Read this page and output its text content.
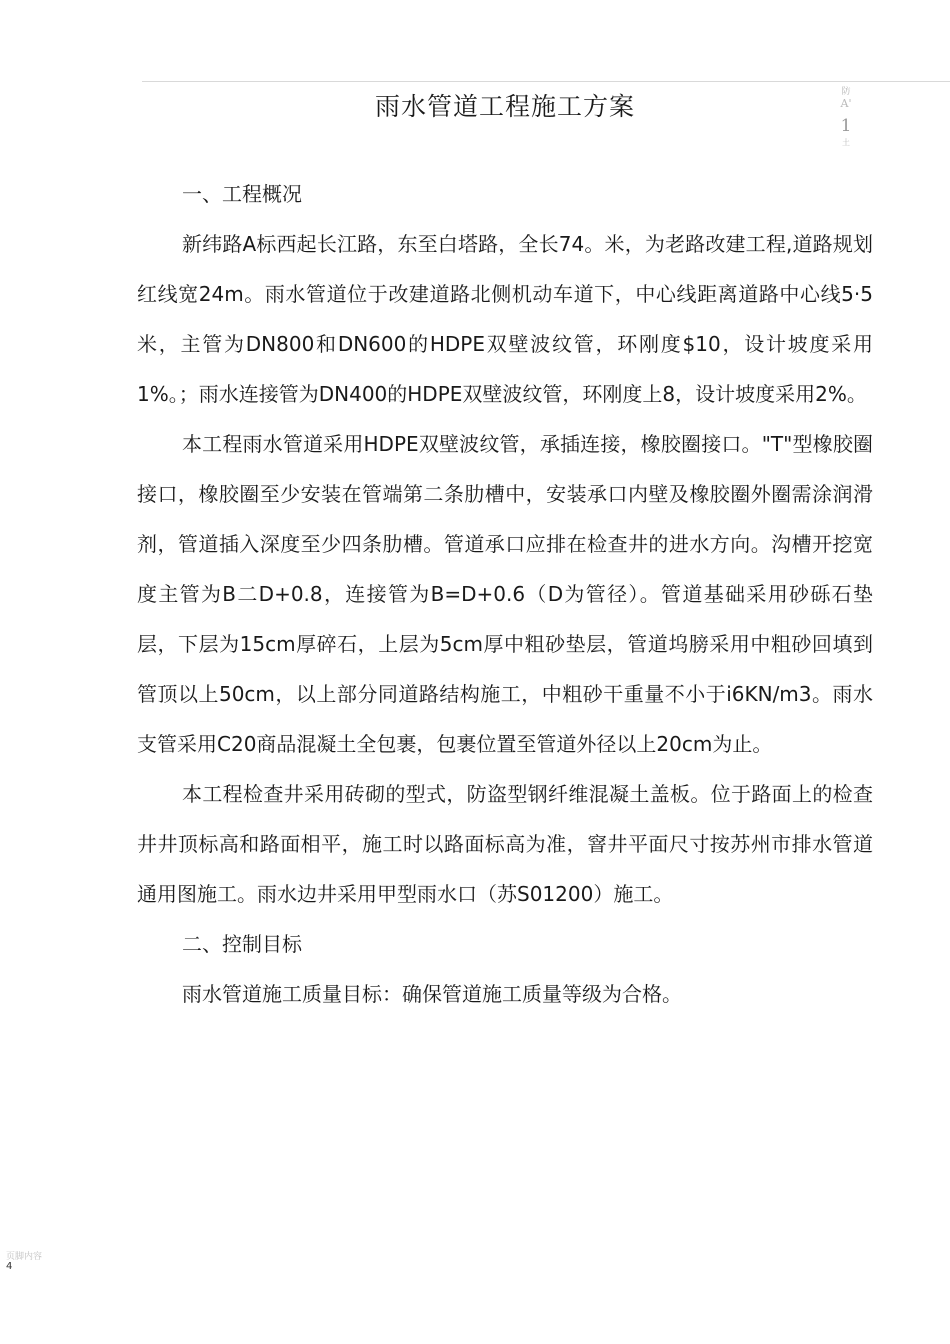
雨水管道工程施工方案	防
A'
1
土

一、工程概况

新纬路A标西起长江路，东至白塔路，全长74。米，为老路改建工程,道路规划红线宽24m。雨水管道位于改建道路北侧机动车道下，中心线距离道路中心线5·5米，主管为DN800和DN600的HDPE双壁波纹管，环刚度$10，设计坡度采用1%。；雨水连接管为DN400的HDPE双壁波纹管，环刚度上8，设计坡度采用2%。

本工程雨水管道采用HDPE双壁波纹管，承插连接，橡胶圈接口。"T"型橡胶圈接口，橡胶圈至少安装在管端第二条肋槽中，安装承口内壁及橡胶圈外圈需涂润滑剂，管道插入深度至少四条肋槽。管道承口应排在检查井的进水方向。沟槽开挖宽度主管为B二D+0.8，连接管为B=D+0.6（D为管径）。管道基础采用砂砾石垫层，下层为15cm厚碎石，上层为5cm厚中粗砂垫层，管道坞膀采用中粗砂回填到管顶以上50cm，以上部分同道路结构施工，中粗砂干重量不小于i6KN/m3。雨水支管采用C20商品混凝土全包裹，包裹位置至管道外径以上20cm为止。

本工程检查井采用砖砌的型式，防盗型钢纤维混凝土盖板。位于路面上的检查井井顶标高和路面相平，施工时以路面标高为准，窨井平面尺寸按苏州市排水管道通用图施工。雨水边井采用甲型雨水口（苏S01200）施工。

二、控制目标

雨水管道施工质量目标：确保管道施工质量等级为合格。

页脚内容
4
